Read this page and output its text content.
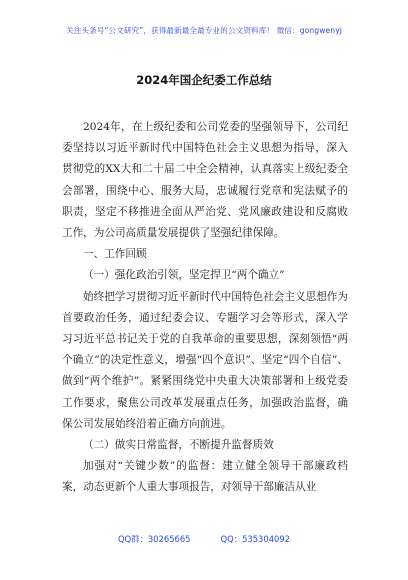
关注头条号“公文研究”，获得最新最全最专业的公文资料库！ 微信：gongwenyj
2024年国企纪委工作总结

2024年，在上级纪委和公司党委的坚强领导下，公司纪委坚持以习近平新时代中国特色社会主义思想为指导，深入贯彻党的XX大和二十届二中全会精神，认真落实上级纪委全会部署，围绕中心、服务大局，忠诚履行党章和宪法赋予的职责，坚定不移推进全面从严治党、党风廉政建设和反腐败工作，为公司高质量发展提供了坚强纪律保障。

一、工作回顾

（一）强化政治引领，坚定捍卫“两个确立”

始终把学习贯彻习近平新时代中国特色社会主义思想作为首要政治任务，通过纪委会议、专题学习会等形式，深入学习习近平总书记关于党的自我革命的重要思想，深刻领悟“两个确立”的决定性意义，增强“四个意识”、坚定“四个自信”、做到“两个维护”。紧紧围绕党中央重大决策部署和上级党委工作要求，聚焦公司改革发展重点任务，加强政治监督，确保公司发展始终沿着正确方向前进。

（二）做实日常监督，不断提升监督质效

加强对“关键少数”的监督：建立健全领导干部廉政档案，动态更新个人重大事项报告，对领导干部廉洁从业

QQ群：30265665	QQ：535304092
